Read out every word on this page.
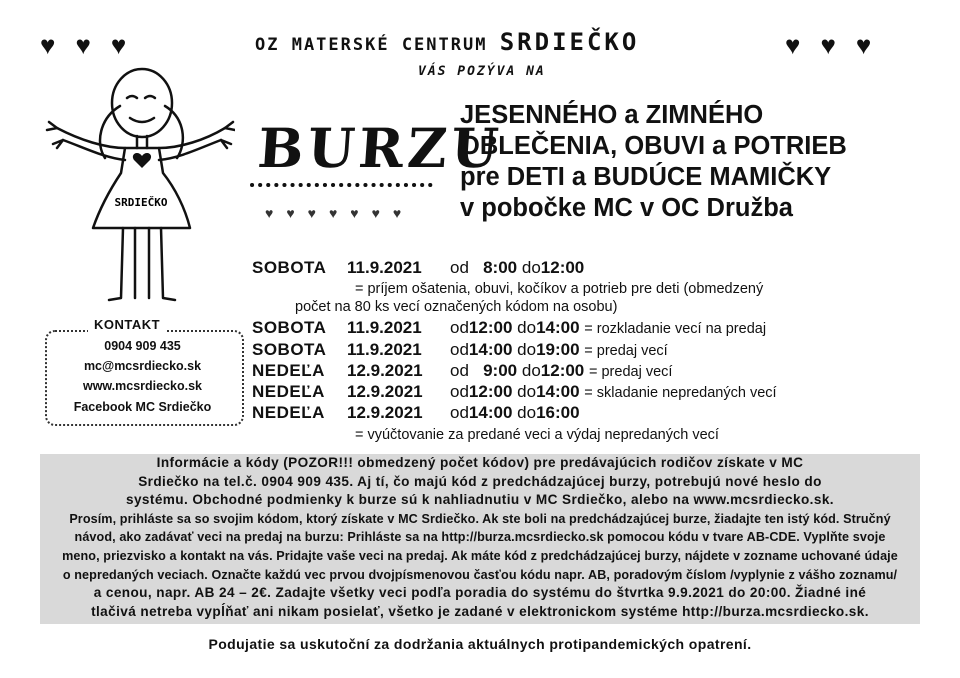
♥♥♥	♥♥♥
OZ MATERSKÉ CENTRUM SRDIEČKO
VÁS POZÝVA NA
BURZU
♥♥♥♥♥♥♥
JESENNÉHO a ZIMNÉHO
OBLEČENIA, OBUVI a POTRIEB
pre DETI a BUDÚCE MAMIČKY
v pobočke MC v OC Družba
SRDIEČKO
KONTAKT
0904 909 435
mc@mcsrdiecko.sk
www.mcsrdiecko.sk
Facebook MC Srdiečko
SOBOTA 11.9.2021 od 8:00 do12:00
= príjem ošatenia, obuvi, kočíkov a potrieb pre deti (obmedzený
počet na 80 ks vecí označených kódom na osobu)
SOBOTA 11.9.2021 od12:00 do14:00 = rozkladanie vecí na predaj
SOBOTA 11.9.2021 od14:00 do19:00 = predaj vecí
NEDEĽA 12.9.2021 od 9:00 do12:00 = predaj vecí
NEDEĽA 12.9.2021 od12:00 do14:00 = skladanie nepredaných vecí
NEDEĽA 12.9.2021 od14:00 do16:00
= vyúčtovanie za predané veci a výdaj nepredaných vecí
Informácie a kódy (POZOR!!! obmedzený počet kódov) pre predávajúcich rodičov získate v MC
Srdiečko na tel.č. 0904 909 435. Aj tí, čo majú kód z predchádzajúcej burzy, potrebujú nové heslo do
systému. Obchodné podmienky k burze sú k nahliadnutiu v MC Srdiečko, alebo na www.mcsrdiecko.sk.
Prosím, prihláste sa so svojim kódom, ktorý získate v MC Srdiečko. Ak ste boli na predchádzajúcej burze, žiadajte ten istý kód. Stručný
návod, ako zadávať veci na predaj na burzu: Prihláste sa na http://burza.mcsrdiecko.sk pomocou kódu v tvare AB-CDE. Vyplňte svoje
meno, priezvisko a kontakt na vás. Pridajte vaše veci na predaj. Ak máte kód z predchádzajúcej burzy, nájdete v zozname uchované údaje
o nepredaných veciach. Označte každú vec prvou dvojpísmenovou časťou kódu napr. AB, poradovým číslom /vyplynie z vášho zoznamu/
a cenou, napr. AB 24 – 2€. Zadajte všetky veci podľa poradia do systému do štvrtka 9.9.2021 do 20:00. Žiadné iné
tlačivá netreba vypĺňať ani nikam posielať, všetko je zadané v elektronickom systéme http://burza.mcsrdiecko.sk.
Podujatie sa uskutoční za dodržania aktuálnych protipandemických opatrení.
